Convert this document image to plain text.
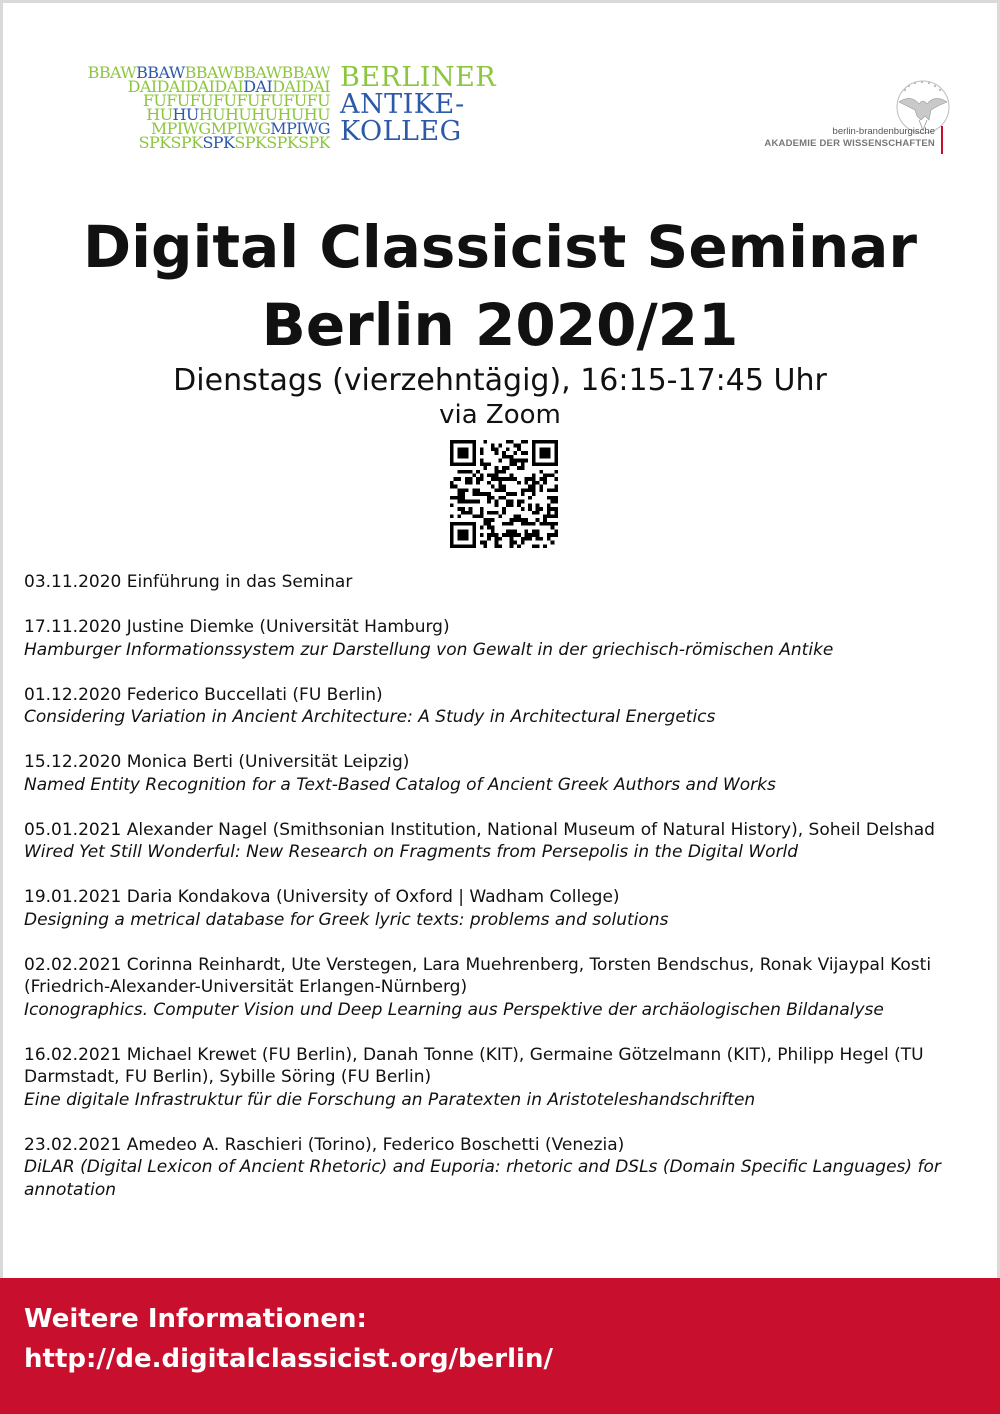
BBAWBBAWBBAWBBAWBBAW
DAIDAIDAIDAIDAIDAIDAI
FUFUFUFUFUFUFUFU
HUHUHUHUHUHUHU
MPIWGMPIWGMPIWG
SPKSPKSPKSPKSPKSPK
BERLINER
ANTIKE-
KOLLEG	berlin-brandenburgische
AKADEMIE DER WISSENSCHAFTEN
Digital Classicist Seminar
Berlin 2020/21
Dienstags (vierzehntägig), 16:15-17:45 Uhr
via Zoom

03.11.2020 Einführung in das Seminar

17.11.2020 Justine Diemke (Universität Hamburg)

Hamburger Informationssystem zur Darstellung von Gewalt in der griechisch-römischen Antike

01.12.2020 Federico Buccellati (FU Berlin)

Considering Variation in Ancient Architecture: A Study in Architectural Energetics

15.12.2020 Monica Berti (Universität Leipzig)

Named Entity Recognition for a Text-Based Catalog of Ancient Greek Authors and Works

05.01.2021 Alexander Nagel (Smithsonian Institution, National Museum of Natural History), Soheil Delshad

Wired Yet Still Wonderful: New Research on Fragments from Persepolis in the Digital World

19.01.2021 Daria Kondakova (University of Oxford | Wadham College)

Designing a metrical database for Greek lyric texts: problems and solutions

02.02.2021 Corinna Reinhardt, Ute Verstegen, Lara Muehrenberg, Torsten Bendschus, Ronak Vijaypal Kosti (Friedrich-Alexander-Universität Erlangen-Nürnberg)

Iconographics. Computer Vision und Deep Learning aus Perspektive der archäologischen Bildanalyse

16.02.2021 Michael Krewet (FU Berlin), Danah Tonne (KIT), Germaine Götzelmann (KIT), Philipp Hegel (TU Darmstadt, FU Berlin), Sybille Söring (FU Berlin)

Eine digitale Infrastruktur für die Forschung an Paratexten in Aristoteleshandschriften

23.02.2021 Amedeo A. Raschieri (Torino), Federico Boschetti (Venezia)

DiLAR (Digital Lexicon of Ancient Rhetoric) and Euporia: rhetoric and DSLs (Domain Specific Languages) for annotation

Weitere Informationen:
http://de.digitalclassicist.org/berlin/
